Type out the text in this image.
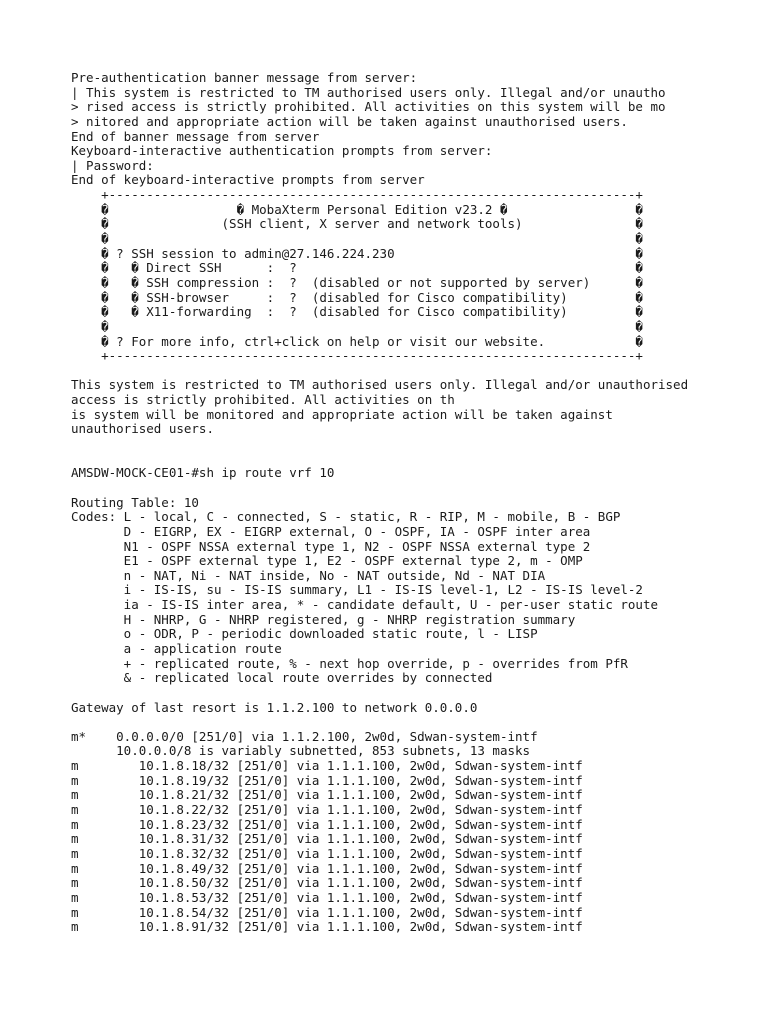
Pre-authentication banner message from server:
| This system is restricted to TM authorised users only. Illegal and/or unautho
> rised access is strictly prohibited. All activities on this system will be mo
> nitored and appropriate action will be taken against unauthorised users.
End of banner message from server
Keyboard-interactive authentication prompts from server:
| Password:
End of keyboard-interactive prompts from server
+----------------------------------------------------------------------+
�                 � MobaXterm Personal Edition v23.2 �                 �
�               (SSH client, X server and network tools)               �
�                                                                      �
� ? SSH session to admin@27.146.224.230                                �
�   � Direct SSH      :  ?                                             �
�   � SSH compression :  ?  (disabled or not supported by server)      �
�   � SSH-browser     :  ?  (disabled for Cisco compatibility)         �
�   � X11-forwarding  :  ?  (disabled for Cisco compatibility)         �
�                                                                      �
� ? For more info, ctrl+click on help or visit our website.            �
+----------------------------------------------------------------------+
This system is restricted to TM authorised users only. Illegal and/or unauthorised
access is strictly prohibited. All activities on th
is system will be monitored and appropriate action will be taken against
unauthorised users.
AMSDW-MOCK-CE01-#sh ip route vrf 10
Routing Table: 10
Codes: L - local, C - connected, S - static, R - RIP, M - mobile, B - BGP
D - EIGRP, EX - EIGRP external, O - OSPF, IA - OSPF inter area
N1 - OSPF NSSA external type 1, N2 - OSPF NSSA external type 2
E1 - OSPF external type 1, E2 - OSPF external type 2, m - OMP
n - NAT, Ni - NAT inside, No - NAT outside, Nd - NAT DIA
i - IS-IS, su - IS-IS summary, L1 - IS-IS level-1, L2 - IS-IS level-2
ia - IS-IS inter area, * - candidate default, U - per-user static route
H - NHRP, G - NHRP registered, g - NHRP registration summary
o - ODR, P - periodic downloaded static route, l - LISP
a - application route
+ - replicated route, % - next hop override, p - overrides from PfR
& - replicated local route overrides by connected
Gateway of last resort is 1.1.2.100 to network 0.0.0.0
m*    0.0.0.0/0 [251/0] via 1.1.2.100, 2w0d, Sdwan-system-intf
10.0.0.0/8 is variably subnetted, 853 subnets, 13 masks
m        10.1.8.18/32 [251/0] via 1.1.1.100, 2w0d, Sdwan-system-intf
m        10.1.8.19/32 [251/0] via 1.1.1.100, 2w0d, Sdwan-system-intf
m        10.1.8.21/32 [251/0] via 1.1.1.100, 2w0d, Sdwan-system-intf
m        10.1.8.22/32 [251/0] via 1.1.1.100, 2w0d, Sdwan-system-intf
m        10.1.8.23/32 [251/0] via 1.1.1.100, 2w0d, Sdwan-system-intf
m        10.1.8.31/32 [251/0] via 1.1.1.100, 2w0d, Sdwan-system-intf
m        10.1.8.32/32 [251/0] via 1.1.1.100, 2w0d, Sdwan-system-intf
m        10.1.8.49/32 [251/0] via 1.1.1.100, 2w0d, Sdwan-system-intf
m        10.1.8.50/32 [251/0] via 1.1.1.100, 2w0d, Sdwan-system-intf
m        10.1.8.53/32 [251/0] via 1.1.1.100, 2w0d, Sdwan-system-intf
m        10.1.8.54/32 [251/0] via 1.1.1.100, 2w0d, Sdwan-system-intf
m        10.1.8.91/32 [251/0] via 1.1.1.100, 2w0d, Sdwan-system-intf
